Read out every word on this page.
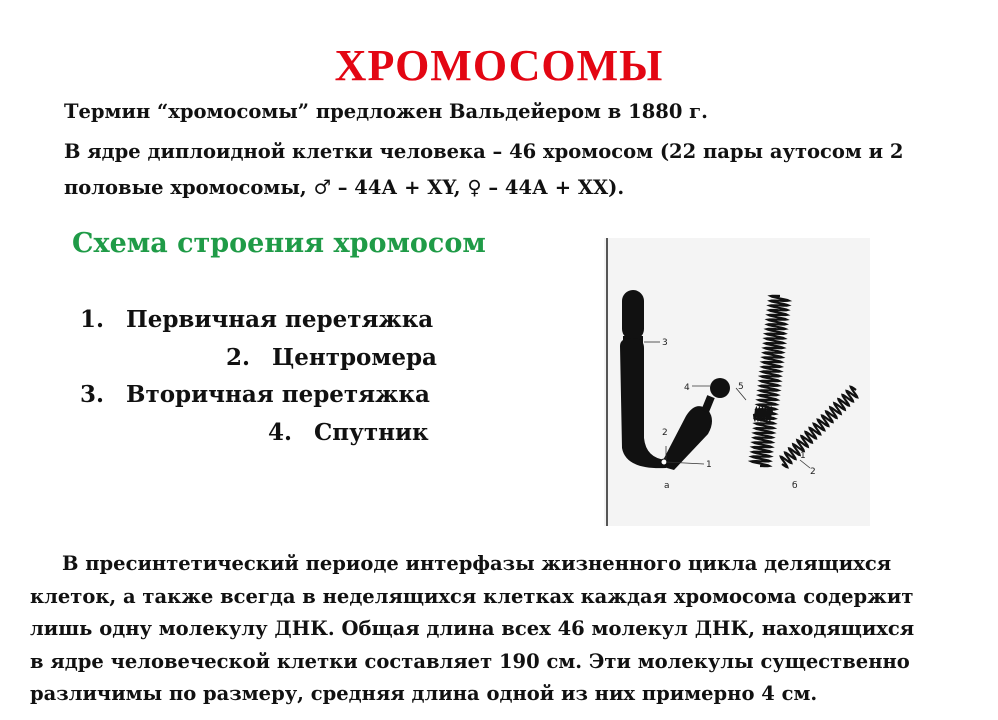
ХРОМОСОМЫ
Термин “хромосомы” предложен Вальдейером в 1880 г.
В ядре диплоидной клетки человека – 46 хромосом (22 пары аутосом и 2
половые хромосомы, ♂ – 44А + XY, ♀ – 44А + XX).
Схема строения хромосом
1. Первичная перетяжка
2. Центромера
3. Вторичная перетяжка
4. Спутник
3
4	5
2
1
а
1
2
б

В пресинтетический периоде интерфазы жизненного цикла делящихся
клеток, а также всегда в неделящихся клетках каждая хромосома содержит
лишь одну молекулу ДНК. Общая длина всех 46 молекул ДНК, находящихся
в ядре человеческой клетки составляет 190 см. Эти молекулы существенно
различимы по размеру, средняя длина одной из них примерно 4 см.
